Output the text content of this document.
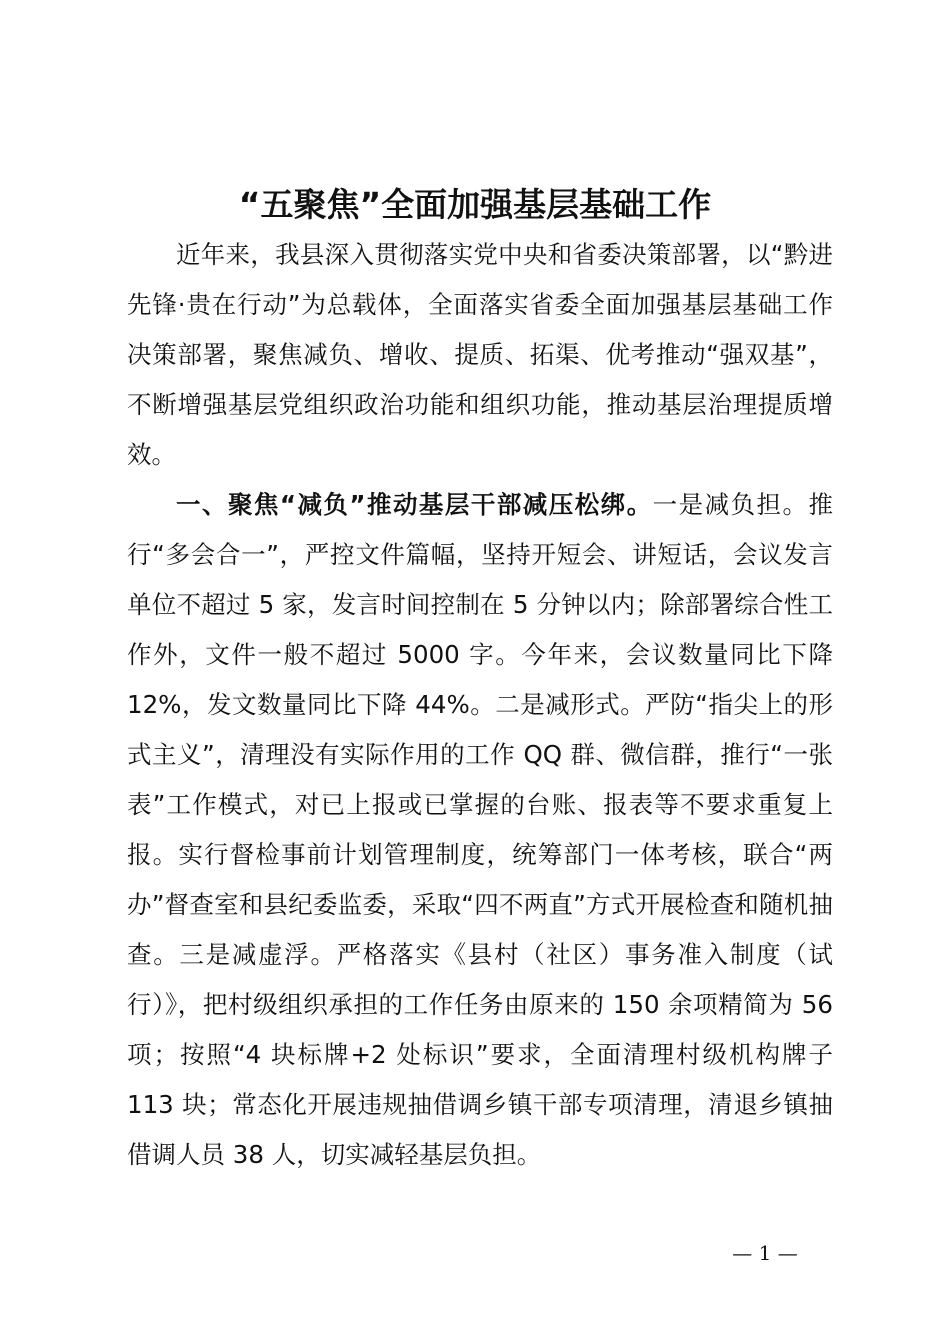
“五聚焦”全面加强基层基础工作

近年来，我县深入贯彻落实党中央和省委决策部署，以“黔进先锋·贵在行动”为总载体，全面落实省委全面加强基层基础工作决策部署，聚焦减负、增收、提质、拓渠、优考推动“强双基”，不断增强基层党组织政治功能和组织功能，推动基层治理提质增效。

一、聚焦“减负”推动基层干部减压松绑。一是减负担。推行“多会合一”，严控文件篇幅，坚持开短会、讲短话，会议发言单位不超过 5 家，发言时间控制在 5 分钟以内；除部署综合性工作外，文件一般不超过 5000 字。今年来，会议数量同比下降 12%，发文数量同比下降 44%。二是减形式。严防“指尖上的形式主义”，清理没有实际作用的工作 QQ 群、微信群，推行“一张表”工作模式，对已上报或已掌握的台账、报表等不要求重复上报。实行督检事前计划管理制度，统筹部门一体考核，联合“两办”督查室和县纪委监委，采取“四不两直”方式开展检查和随机抽查。三是减虚浮。严格落实《县村（社区）事务准入制度（试行）》，把村级组织承担的工作任务由原来的 150 余项精简为 56 项；按照“4 块标牌+2 处标识”要求，全面清理村级机构牌子 113 块；常态化开展违规抽借调乡镇干部专项清理，清退乡镇抽借调人员 38 人，切实减轻基层负担。

— 1 —
